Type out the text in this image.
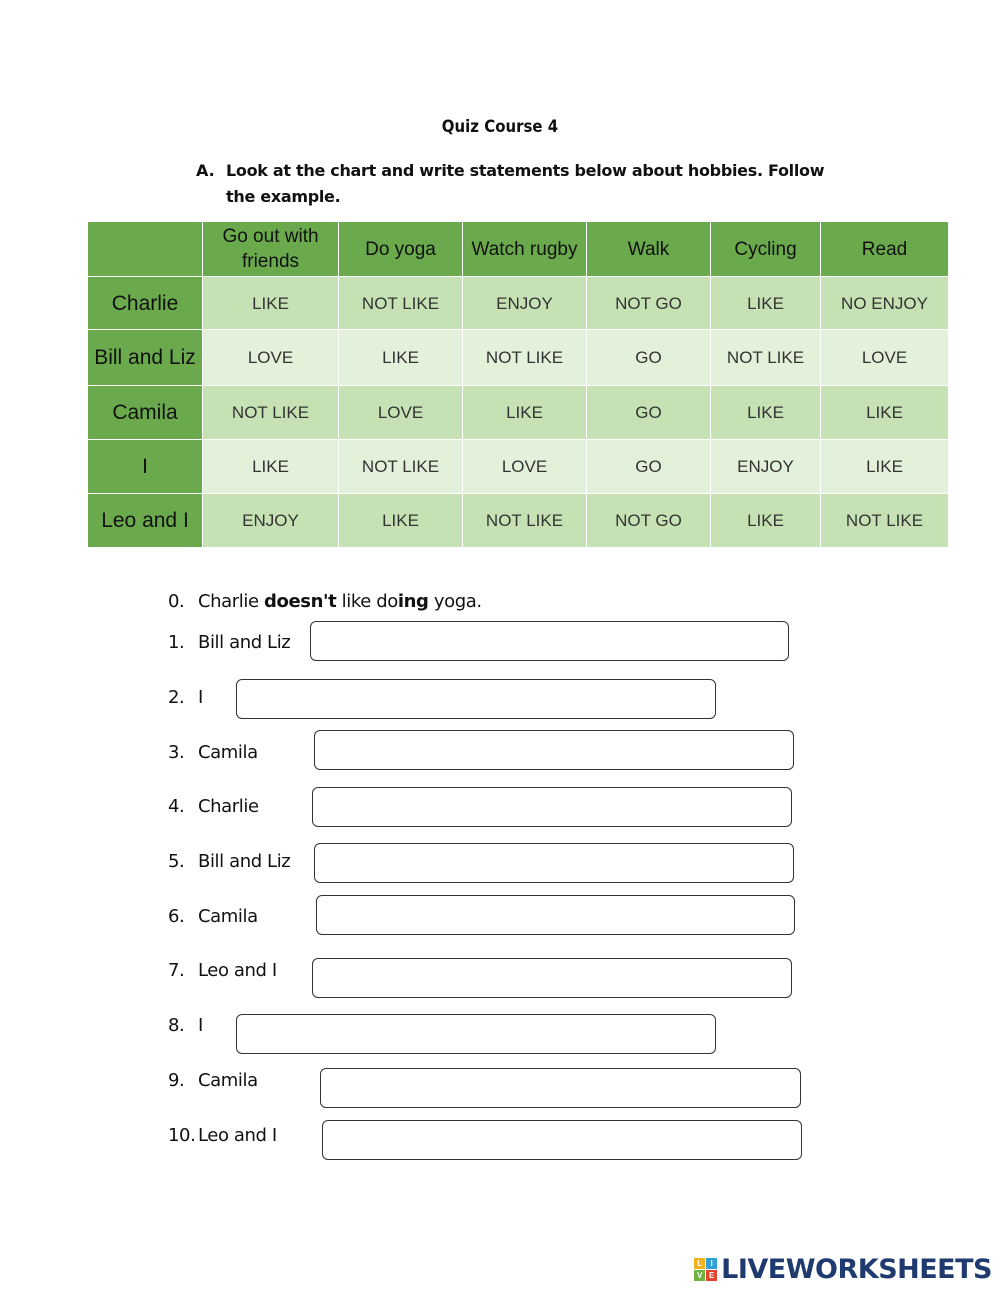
Quiz Course 4
A. Look at the chart and write statements below about hobbies. Follow the example.
	Go out with friends	Do yoga	Watch rugby	Walk	Cycling	Read
Charlie	LIKE	NOT LIKE	ENJOY	NOT GO	LIKE	NO ENJOY
Bill and Liz	LOVE	LIKE	NOT LIKE	GO	NOT LIKE	LOVE
Camila	NOT LIKE	LOVE	LIKE	GO	LIKE	LIKE
I	LIKE	NOT LIKE	LOVE	GO	ENJOY	LIKE
Leo and I	ENJOY	LIKE	NOT LIKE	NOT GO	LIKE	NOT LIKE
0. Charlie doesn't like doing yoga.
1. Bill and Liz
2. I
3. Camila
4. Charlie
5. Bill and Liz
6. Camila
7. Leo and I
8. I
9. Camila
10. Leo and I
L	I
V E LIVEWORKSHEETS
